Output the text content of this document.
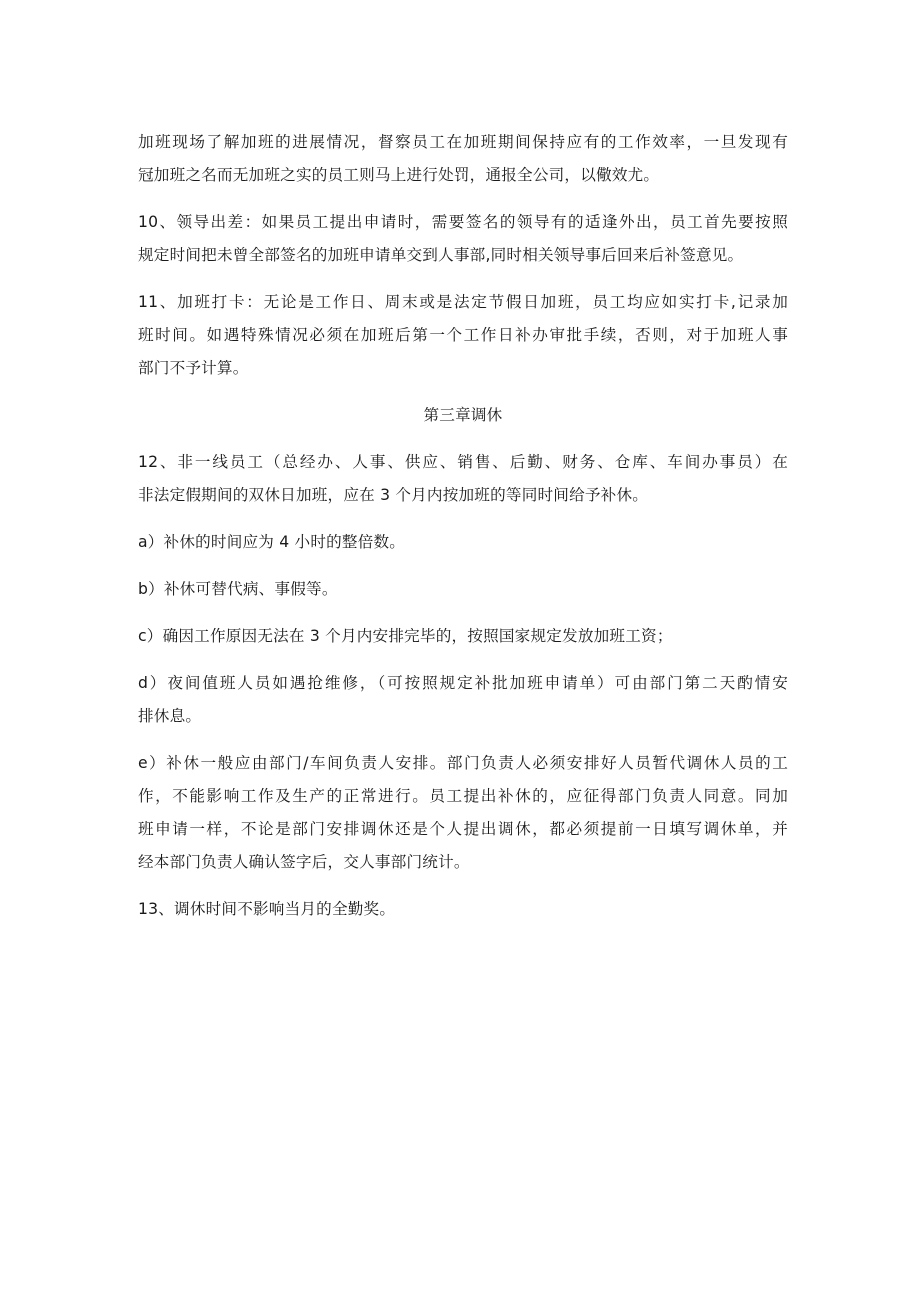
加班现场了解加班的进展情况，督察员工在加班期间保持应有的工作效率，一旦发现有
冠加班之名而无加班之实的员工则马上进行处罚，通报全公司，以儆效尤。

10、领导出差：如果员工提出申请时，需要签名的领导有的适逢外出，员工首先要按照
规定时间把未曾全部签名的加班申请单交到人事部,同时相关领导事后回来后补签意见。

11、加班打卡：无论是工作日、周末或是法定节假日加班，员工均应如实打卡,记录加
班时间。如遇特殊情况必须在加班后第一个工作日补办审批手续，否则，对于加班人事
部门不予计算。

第三章调休

12、非一线员工（总经办、人事、供应、销售、后勤、财务、仓库、车间办事员）在
非法定假期间的双休日加班，应在 3 个月内按加班的等同时间给予补休。

a）补休的时间应为 4 小时的整倍数。

b）补休可替代病、事假等。

c）确因工作原因无法在 3 个月内安排完毕的，按照国家规定发放加班工资；

d）夜间值班人员如遇抢维修，（可按照规定补批加班申请单）可由部门第二天酌情安
排休息。

e）补休一般应由部门/车间负责人安排。部门负责人必须安排好人员暂代调休人员的工
作，不能影响工作及生产的正常进行。员工提出补休的，应征得部门负责人同意。同加
班申请一样，不论是部门安排调休还是个人提出调休，都必须提前一日填写调休单，并
经本部门负责人确认签字后，交人事部门统计。

13、调休时间不影响当月的全勤奖。
